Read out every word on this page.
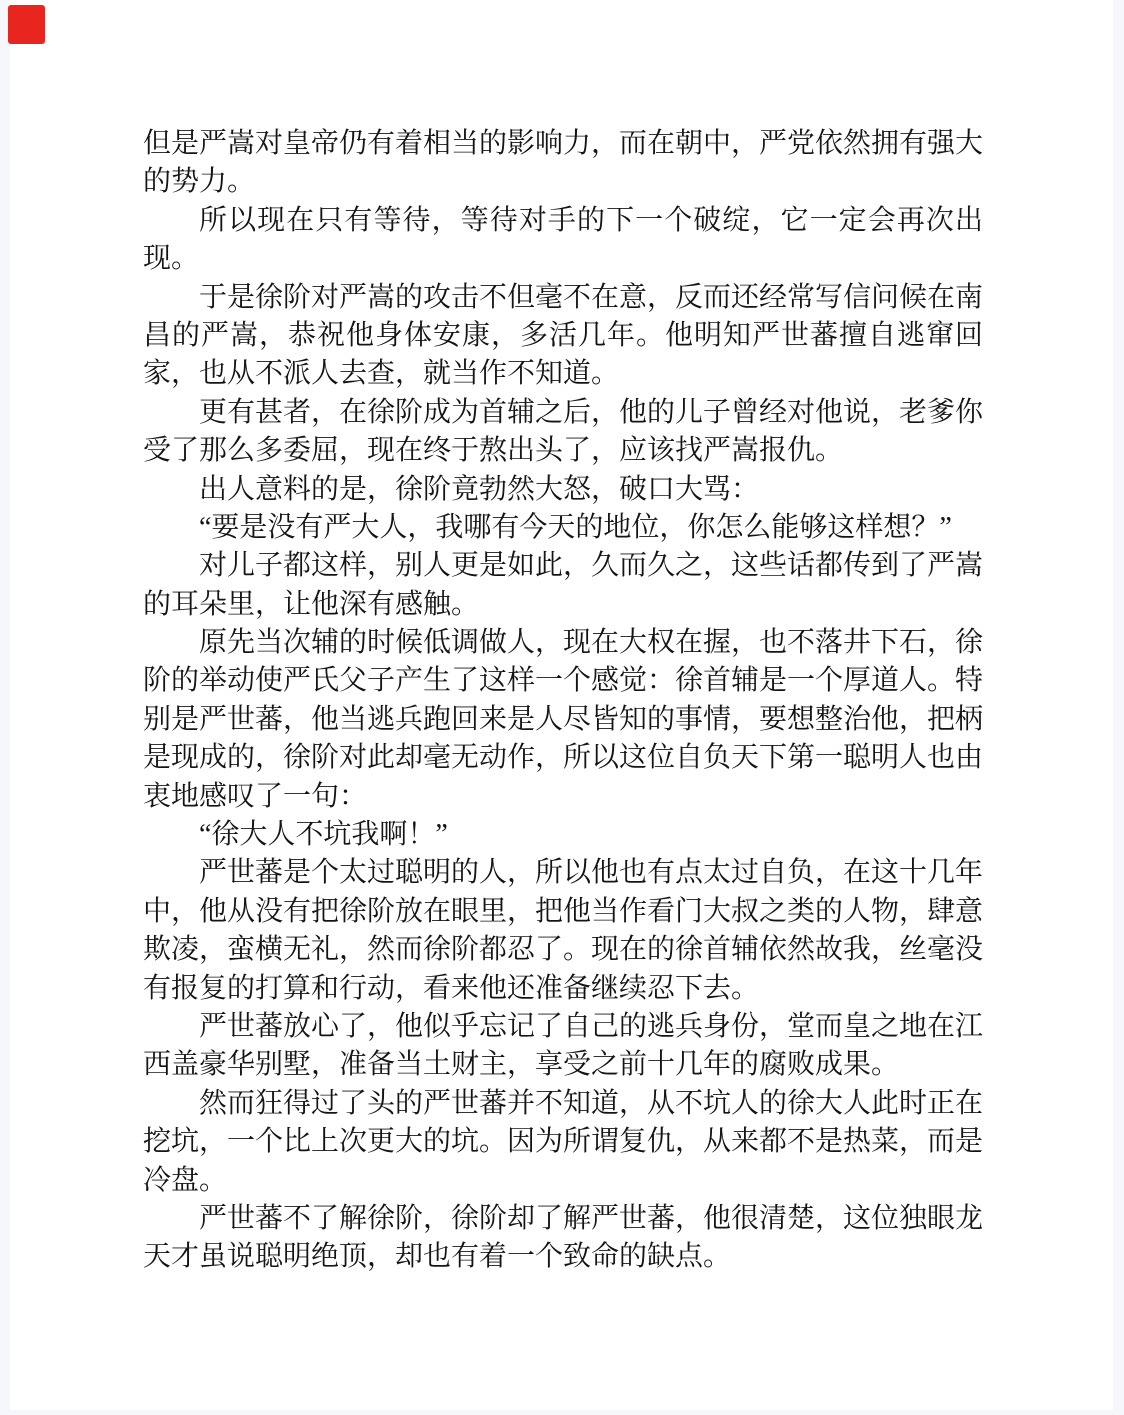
但是严嵩对皇帝仍有着相当的影响力，而在朝中，严党依然拥有强大
的势力。
所以现在只有等待，等待对手的下一个破绽，它一定会再次出
现。
于是徐阶对严嵩的攻击不但毫不在意，反而还经常写信问候在南
昌的严嵩，恭祝他身体安康，多活几年。他明知严世蕃擅自逃窜回
家，也从不派人去查，就当作不知道。
更有甚者，在徐阶成为首辅之后，他的儿子曾经对他说，老爹你
受了那么多委屈，现在终于熬出头了，应该找严嵩报仇。
出人意料的是，徐阶竟勃然大怒，破口大骂：
“要是没有严大人，我哪有今天的地位，你怎么能够这样想？”
对儿子都这样，别人更是如此，久而久之，这些话都传到了严嵩
的耳朵里，让他深有感触。
原先当次辅的时候低调做人，现在大权在握，也不落井下石，徐
阶的举动使严氏父子产生了这样一个感觉：徐首辅是一个厚道人。特
别是严世蕃，他当逃兵跑回来是人尽皆知的事情，要想整治他，把柄
是现成的，徐阶对此却毫无动作，所以这位自负天下第一聪明人也由
衷地感叹了一句：
“徐大人不坑我啊！”
严世蕃是个太过聪明的人，所以他也有点太过自负，在这十几年
中，他从没有把徐阶放在眼里，把他当作看门大叔之类的人物，肆意
欺凌，蛮横无礼，然而徐阶都忍了。现在的徐首辅依然故我，丝毫没
有报复的打算和行动，看来他还准备继续忍下去。
严世蕃放心了，他似乎忘记了自己的逃兵身份，堂而皇之地在江
西盖豪华别墅，准备当土财主，享受之前十几年的腐败成果。
然而狂得过了头的严世蕃并不知道，从不坑人的徐大人此时正在
挖坑，一个比上次更大的坑。因为所谓复仇，从来都不是热菜，而是
冷盘。
严世蕃不了解徐阶，徐阶却了解严世蕃，他很清楚，这位独眼龙
天才虽说聪明绝顶，却也有着一个致命的缺点。
